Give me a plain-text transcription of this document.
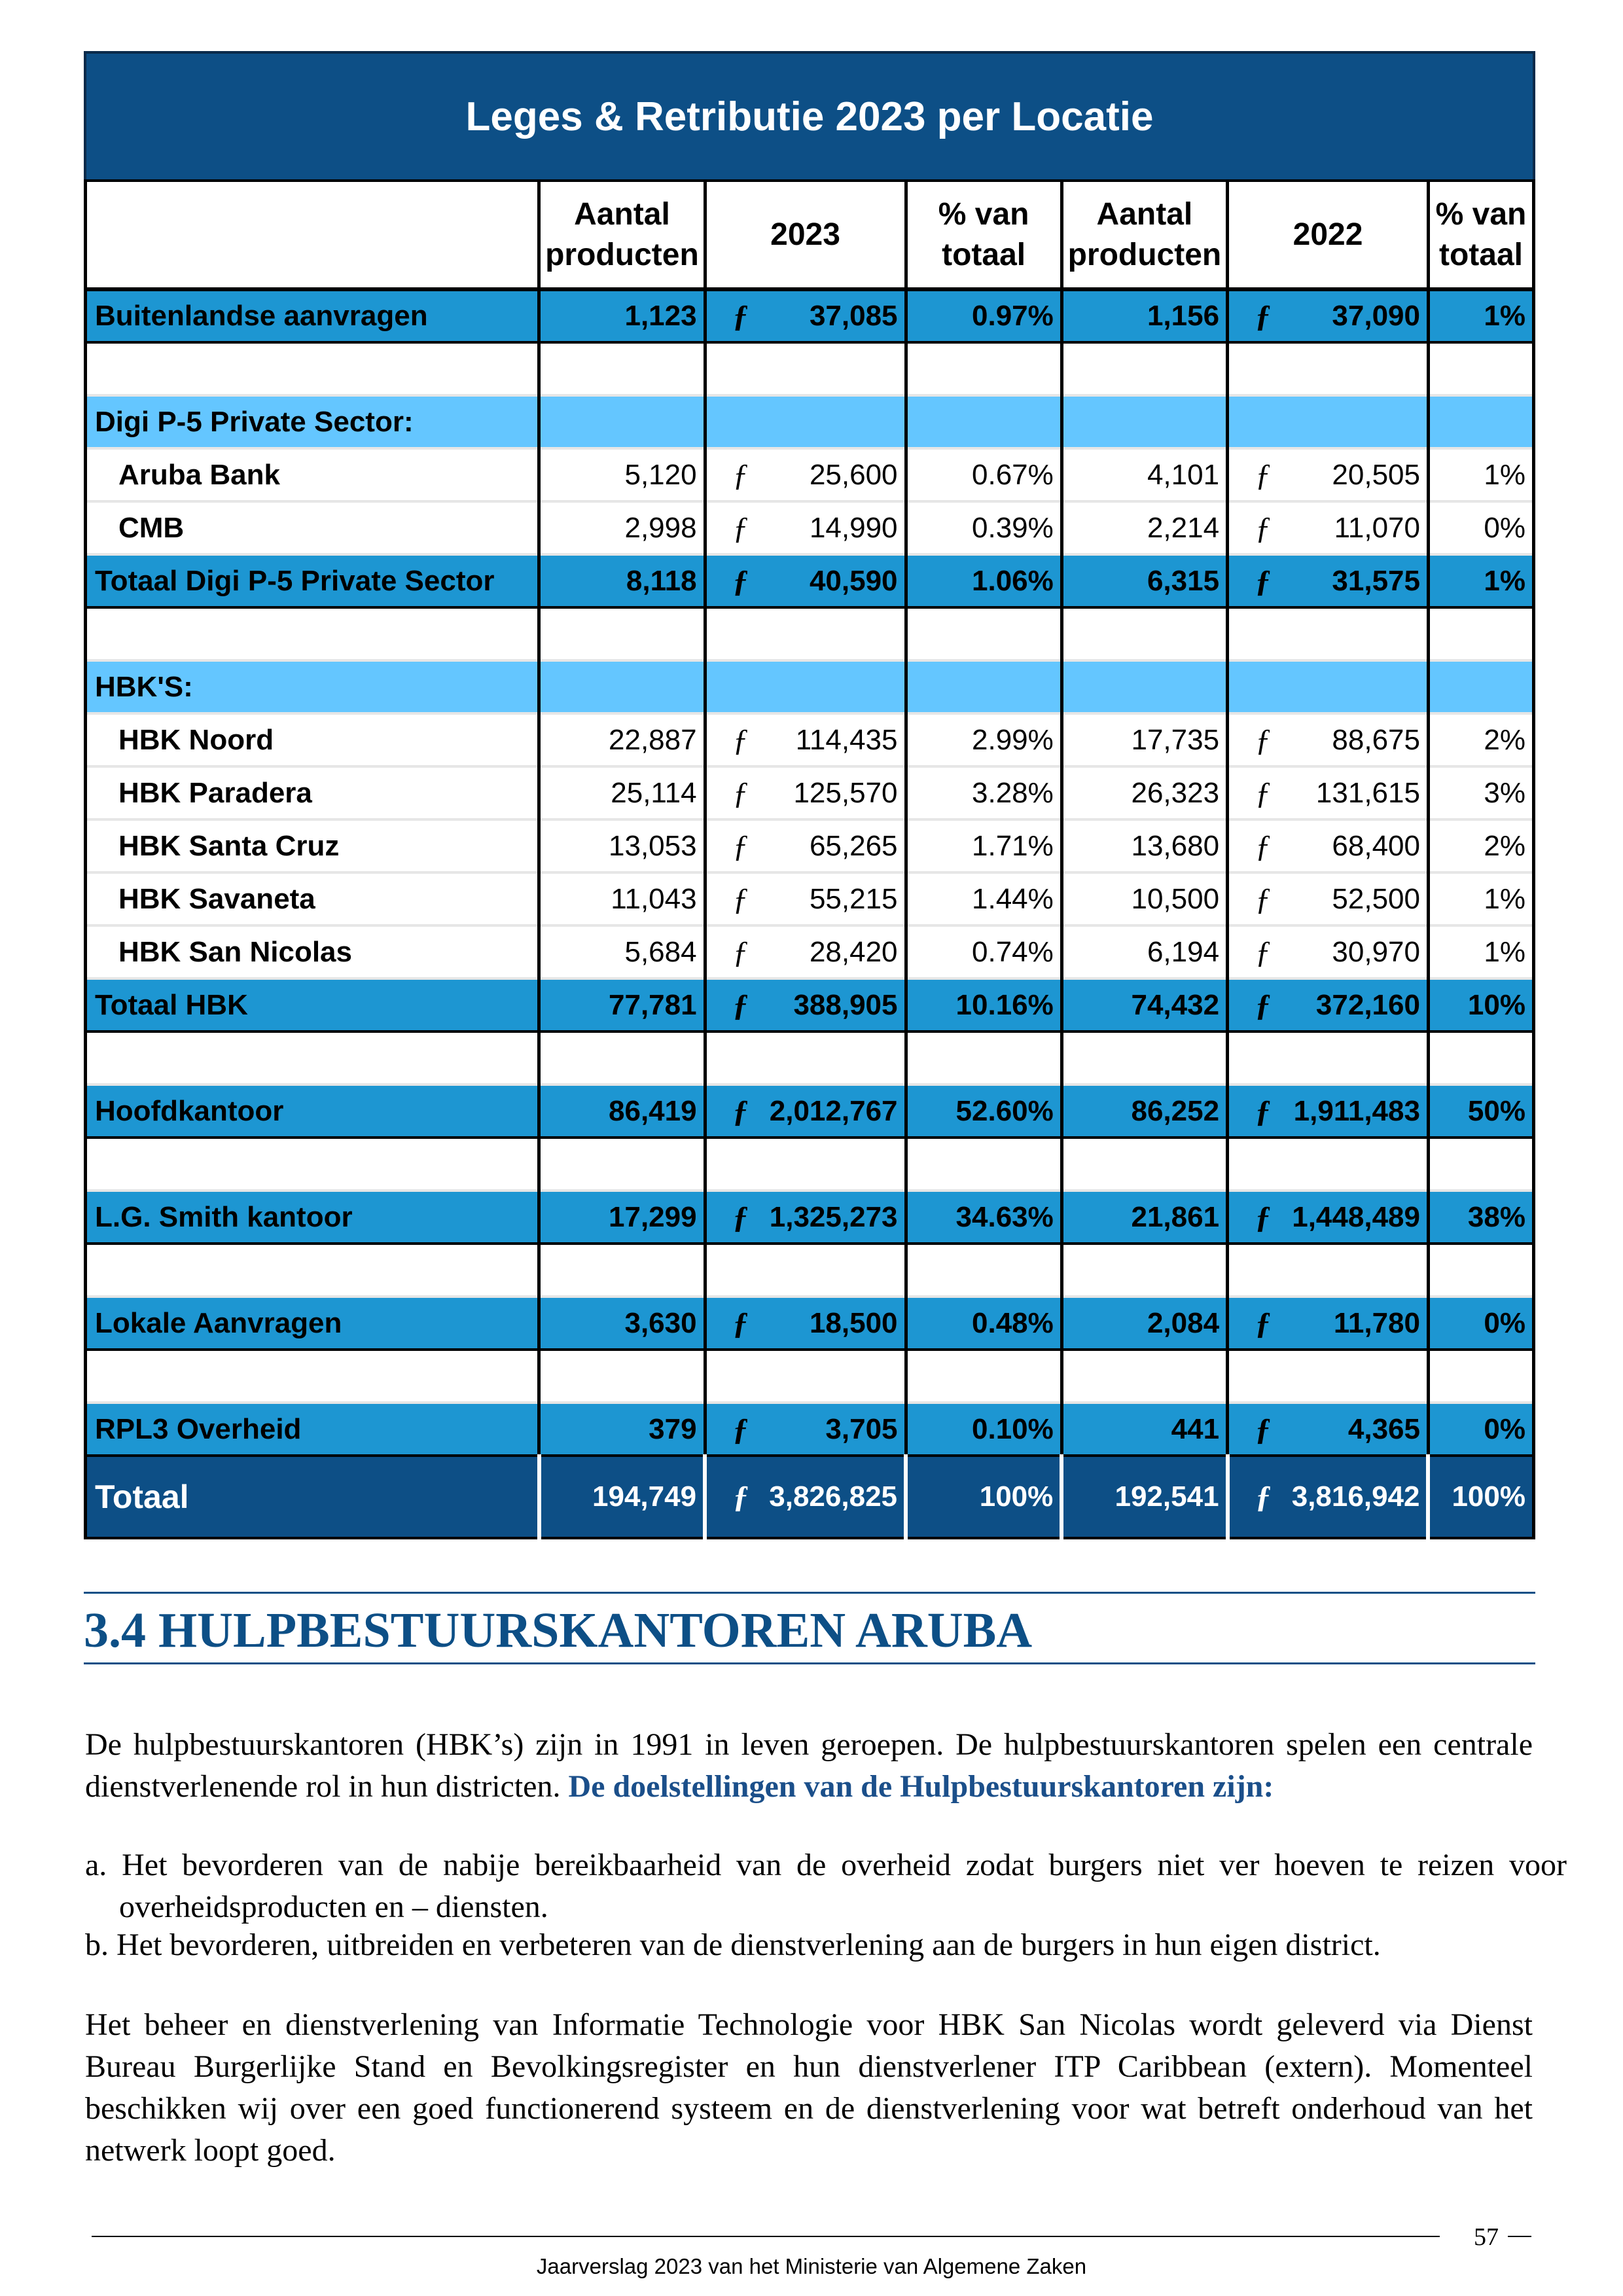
Leges & Retributie 2023 per Locatie
	Aantal producten	2023	% van totaal	Aantal producten	2022	% van totaal
Buitenlandse aanvragen	1,123	ƒ 37,085	0.97%	1,156	ƒ 37,090	1%

Digi P-5 Private Sector:						
Aruba Bank	5,120	ƒ 25,600	0.67%	4,101	ƒ 20,505	1%
CMB	2,998	ƒ 14,990	0.39%	2,214	ƒ 11,070	0%
Totaal Digi P-5 Private Sector	8,118	ƒ 40,590	1.06%	6,315	ƒ 31,575	1%

HBK'S:						
HBK Noord	22,887	ƒ 114,435	2.99%	17,735	ƒ 88,675	2%
HBK Paradera	25,114	ƒ 125,570	3.28%	26,323	ƒ 131,615	3%
HBK Santa Cruz	13,053	ƒ 65,265	1.71%	13,680	ƒ 68,400	2%
HBK Savaneta	11,043	ƒ 55,215	1.44%	10,500	ƒ 52,500	1%
HBK San Nicolas	5,684	ƒ 28,420	0.74%	6,194	ƒ 30,970	1%
Totaal HBK	77,781	ƒ 388,905	10.16%	74,432	ƒ 372,160	10%

Hoofdkantoor	86,419	ƒ 2,012,767	52.60%	86,252	ƒ 1,911,483	50%

L.G. Smith kantoor	17,299	ƒ 1,325,273	34.63%	21,861	ƒ 1,448,489	38%

Lokale Aanvragen	3,630	ƒ 18,500	0.48%	2,084	ƒ 11,780	0%

RPL3 Overheid	379	ƒ 3,705	0.10%	441	ƒ 4,365	0%
Totaal	194,749	ƒ 3,826,825	100%	192,541	ƒ 3,816,942	100%
3.4 HULPBESTUURSKANTOREN ARUBA

De hulpbestuurskantoren (HBK’s) zijn in 1991 in leven geroepen. De hulpbestuurskantoren spelen een centrale dienstverlenende rol in hun districten. De doelstellingen van de Hulpbestuurskantoren zijn:

a. Het bevorderen van de nabije bereikbaarheid van de overheid zodat burgers niet ver hoeven te reizen voor overheidsproducten en – diensten.
b. Het bevorderen, uitbreiden en verbeteren van de dienstverlening aan de burgers in hun eigen district.

Het beheer en dienstverlening van Informatie Technologie voor HBK San Nicolas wordt geleverd via Dienst Bureau Burgerlijke Stand en Bevolkingsregister en hun dienstverlener ITP Caribbean (extern). Momenteel beschikken wij over een goed functionerend systeem en de dienstverlening voor wat betreft onderhoud van het netwerk loopt goed.

57
Jaarverslag 2023 van het Ministerie van Algemene Zaken
